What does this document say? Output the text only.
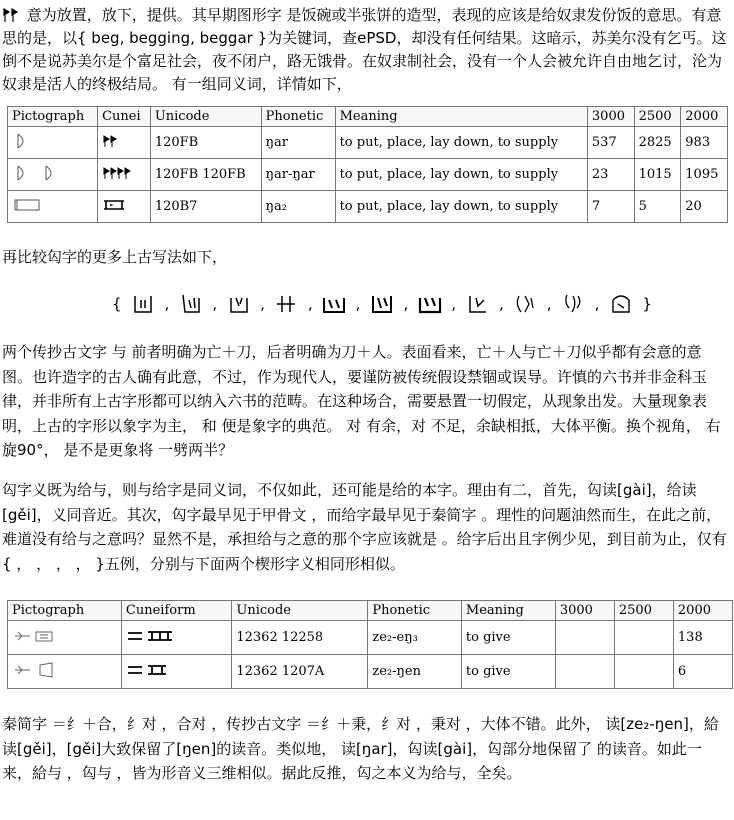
意为放置，放下，提供。其早期图形字 是饭碗或半张饼的造型，表现的应该是给奴隶发份饭的意思。有意思的是，以{ beg, begging, beggar }为关键词，查ePSD，却没有任何结果。这暗示，苏美尔没有乞丐。这倒不是说苏美尔是个富足社会，夜不闭户，路无饿骨。在奴隶制社会，没有一个人会被允许自由地乞讨，沦为奴隶是活人的终极结局。 有一组同义词，详情如下，
Pictograph	Cunei	Unicode	Phonetic	Meaning	3000	2500	2000
		120FB	ŋar	to put, place, lay down, to supply	537	2825	983
		120FB 120FB	ŋar-ŋar	to put, place, lay down, to supply	23	1015	1095
		120B7	ŋa₂	to put, place, lay down, to supply	7	5	20
再比较匃字的更多上古写法如下，
{	,	,	,	,	,	,	,	,	,	,	}
两个传抄古文字 与 前者明确为亡＋刀，后者明确为刀＋人。表面看来，亡＋人与亡＋刀似乎都有会意的意图。也许造字的古人确有此意，不过，作为现代人，要谨防被传统假设禁锢或误导。许慎的六书并非金科玉律，并非所有上古字形都可以纳入六书的范畴。在这种场合，需要悬置一切假定，从现象出发。大量现象表明，上古的字形以象字为主， 和 便是象字的典范。 对 有余，对 不足，余缺相抵，大体平衡。换个视角， 右旋90°， 是不是更象将 一劈两半？
匃字义既为给与，则与给字是同义词，不仅如此，还可能是给的本字。理由有二，首先，匃读[gài]，给读[gěi]，义同音近。其次，匃字最早见于甲骨文 ，而给字最早见于秦简字 。理性的问题油然而生，在此之前，难道没有给与之意吗？显然不是，承担给与之意的那个字应该就是 。给字后出且字例少见，到目前为止，仅有{ ， ， ， ， }五例，分别与下面两个楔形字义相同形相似。
Pictograph	Cuneiform	Unicode	Phonetic	Meaning	3000	2500	2000
		12362 12258	ze₂-eŋ₃	to give			138
		12362 1207A	ze₂-ŋen	to give			6
秦简字 ＝纟＋合，纟对 ，合对 ，传抄古文字 ＝纟＋秉，纟对 ，秉对 ，大体不错。此外， 读[ze₂-ŋen]，給读[gěi]，[gěi]大致保留了[ŋen]的读音。类似地， 读[ŋar]，匃读[gài]，匃部分地保留了 的读音。如此一来，給与 ，匃与 ，皆为形音义三维相似。据此反推，匃之本义为给与，全矣。
